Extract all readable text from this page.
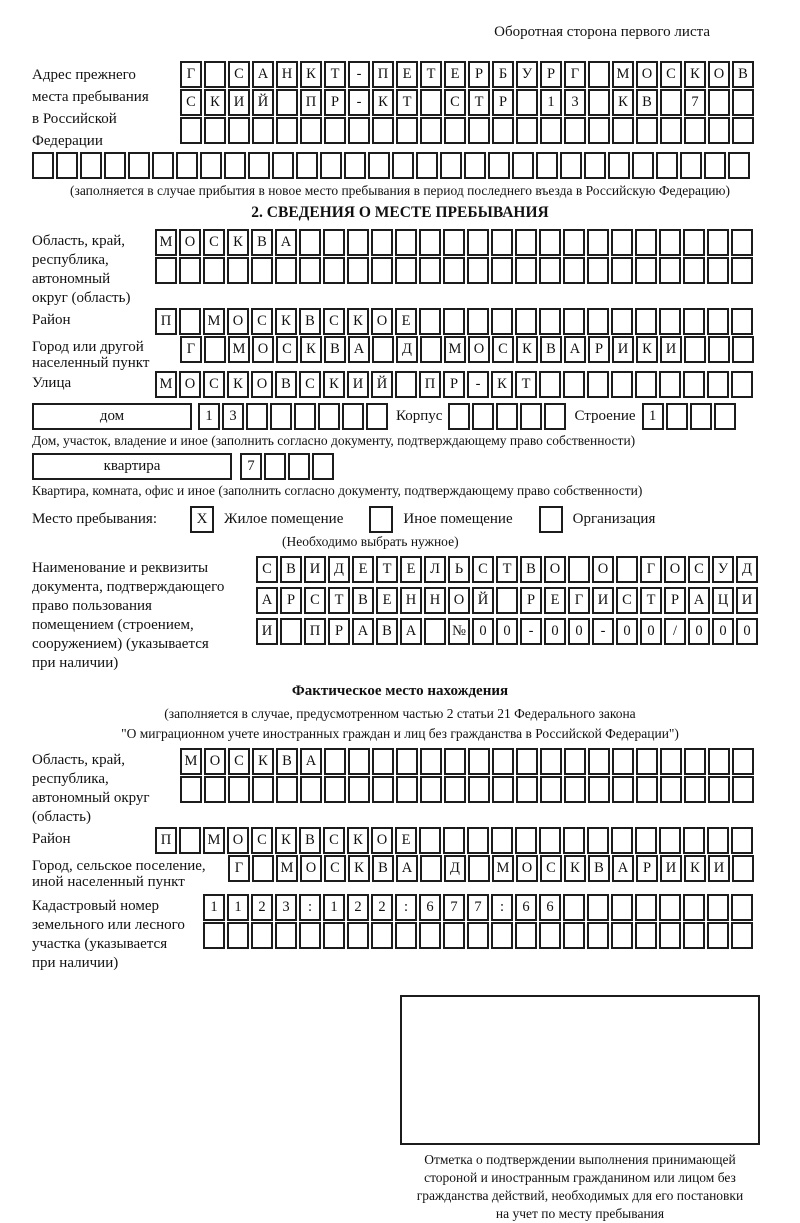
Оборотная сторона первого листа
Адрес прежнего
места пребывания
в Российской
Федерации
Г	С А Н К Т - П Е Т Е Р Б У Р Г	М О С К О В
С К И Й	П Р - К Т	С Т Р	1 3	К В	7
(заполняется в случае прибытия в новое место пребывания в период последнего въезда в Российскую Федерацию)
2. СВЕДЕНИЯ О МЕСТЕ ПРЕБЫВАНИЯ
Область, край,
республика,
автономный
округ (область)
М О С К В А
Район	П	М О С К В С К О Е
Город или другой
населенный пункт
Г	М О С К В А	Д	М О С К В А Р И К И
Улица	М О С К О В С К И Й	П Р - К Т
дом	1 3	Корпус	Строение 1
Дом, участок, владение и иное (заполнить согласно документу, подтверждающему право собственности)
квартира	7
Квартира, комната, офис и иное (заполнить согласно документу, подтверждающему право собственности)
Место пребывания:	X	Жилое помещение	Иное помещение	Организация
(Необходимо выбрать нужное)
Наименование и реквизиты
документа, подтверждающего
право пользования
помещением (строением,
сооружением) (указывается
при наличии)
С В И Д Е Т Е Л Ь С Т В О	О	Г О С У Д
А Р С Т В Е Н Н О Й	Р Е Г И С Т Р А Ц И
И	П Р А В А № 0 0 - 0 0 - 0 0 / 0 0 0
Фактическое место нахождения
(заполняется в случае, предусмотренном частью 2 статьи 21 Федерального закона
"О миграционном учете иностранных граждан и лиц без гражданства в Российской Федерации")
Область, край,
республика,
автономный округ
(область)
М О С К В А
Район	П	М О С К В С К О Е
Город, сельское поселение,
иной населенный пункт
Г	М О С К В А	Д	М О С К В А Р И К И
Кадастровый номер
земельного или лесного
участка (указывается
при наличии)
1 1 2 3 : 1 2 2 : 6 7 7 : 6 6
Отметка о подтверждении выполнения принимающей
стороной и иностранным гражданином или лицом без
гражданства действий, необходимых для его постановки
на учет по месту пребывания
